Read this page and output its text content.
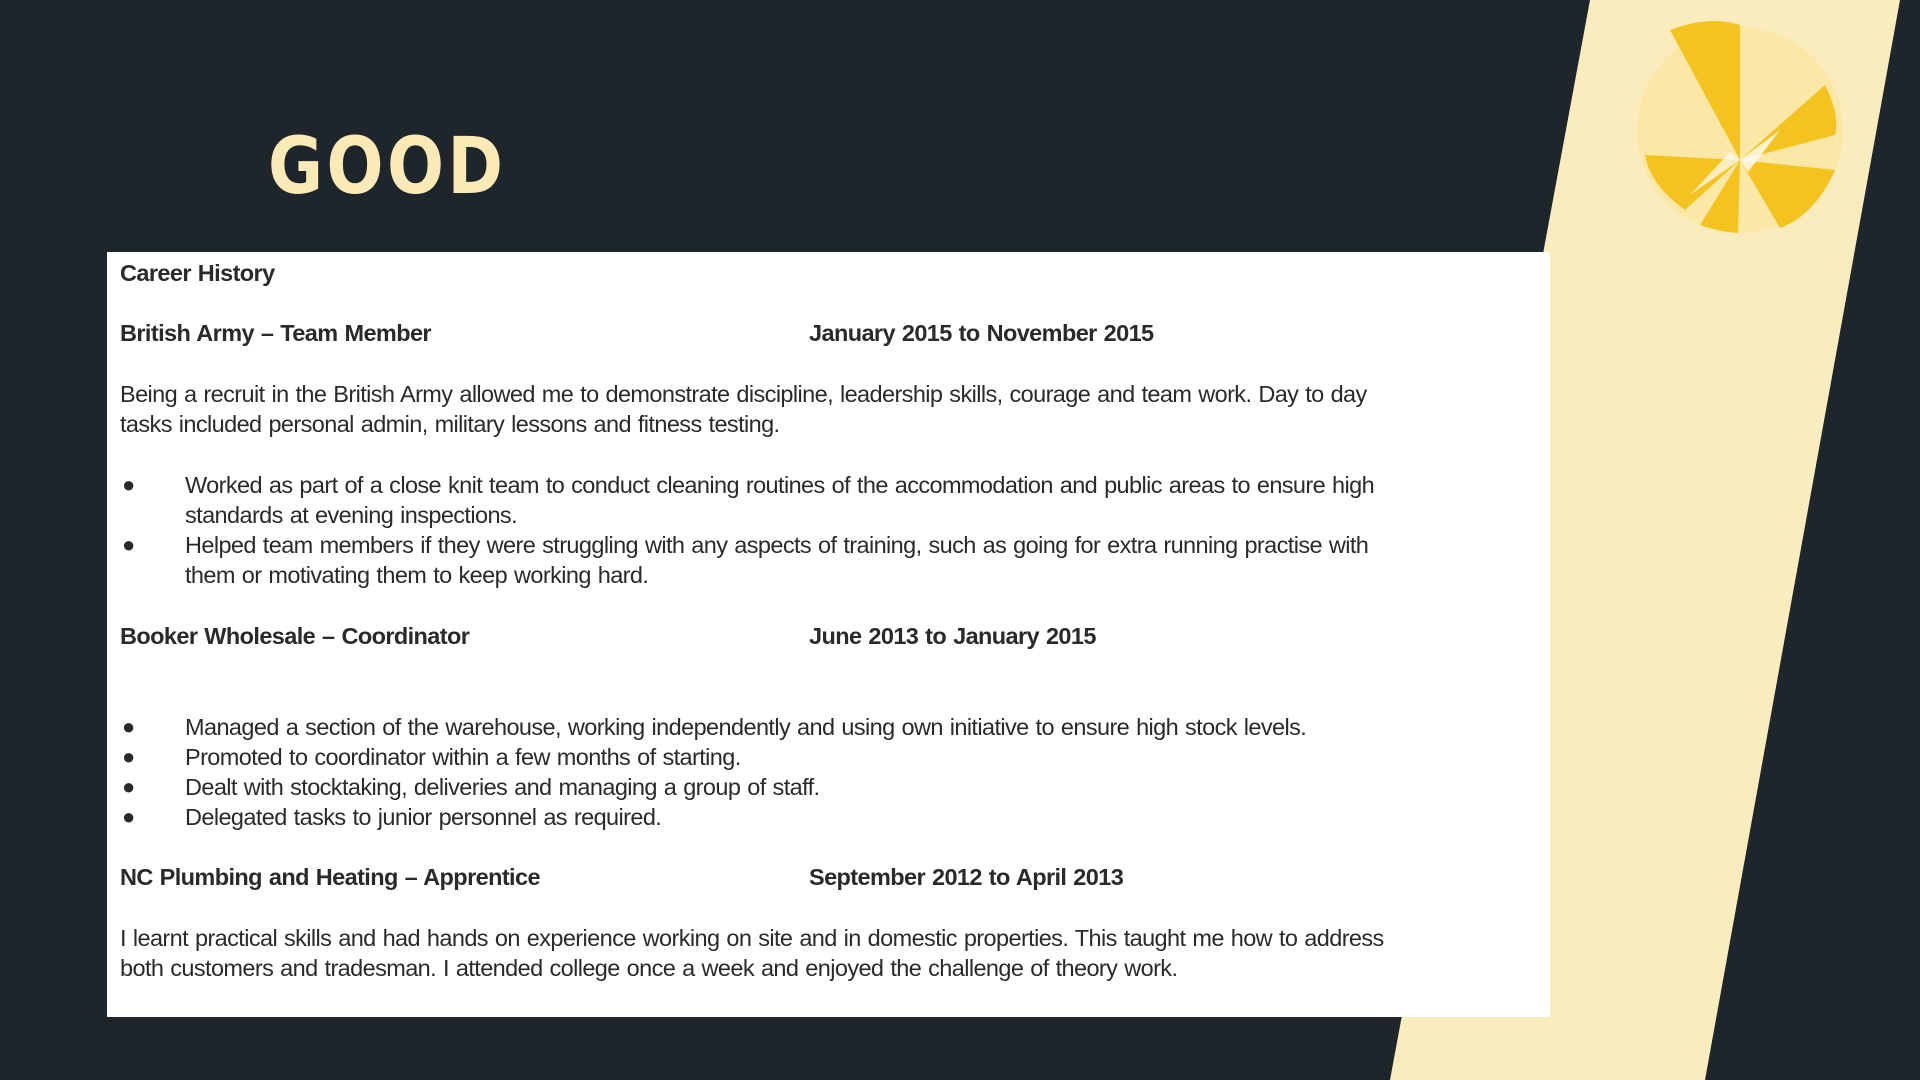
GOOD
Career History
British Army – Team Member	January 2015 to November 2015
Being a recruit in the British Army allowed me to demonstrate discipline, leadership skills, courage and team work. Day to day
tasks included personal admin, military lessons and fitness testing.
● Worked as part of a close knit team to conduct cleaning routines of the accommodation and public areas to ensure high
standards at evening inspections.
● Helped team members if they were struggling with any aspects of training, such as going for extra running practise with
them or motivating them to keep working hard.
Booker Wholesale – Coordinator	June 2013 to January 2015
● Managed a section of the warehouse, working independently and using own initiative to ensure high stock levels.
● Promoted to coordinator within a few months of starting.
● Dealt with stocktaking, deliveries and managing a group of staff.
● Delegated tasks to junior personnel as required.
NC Plumbing and Heating – Apprentice	September 2012 to April 2013
I learnt practical skills and had hands on experience working on site and in domestic properties. This taught me how to address
both customers and tradesman. I attended college once a week and enjoyed the challenge of theory work.
